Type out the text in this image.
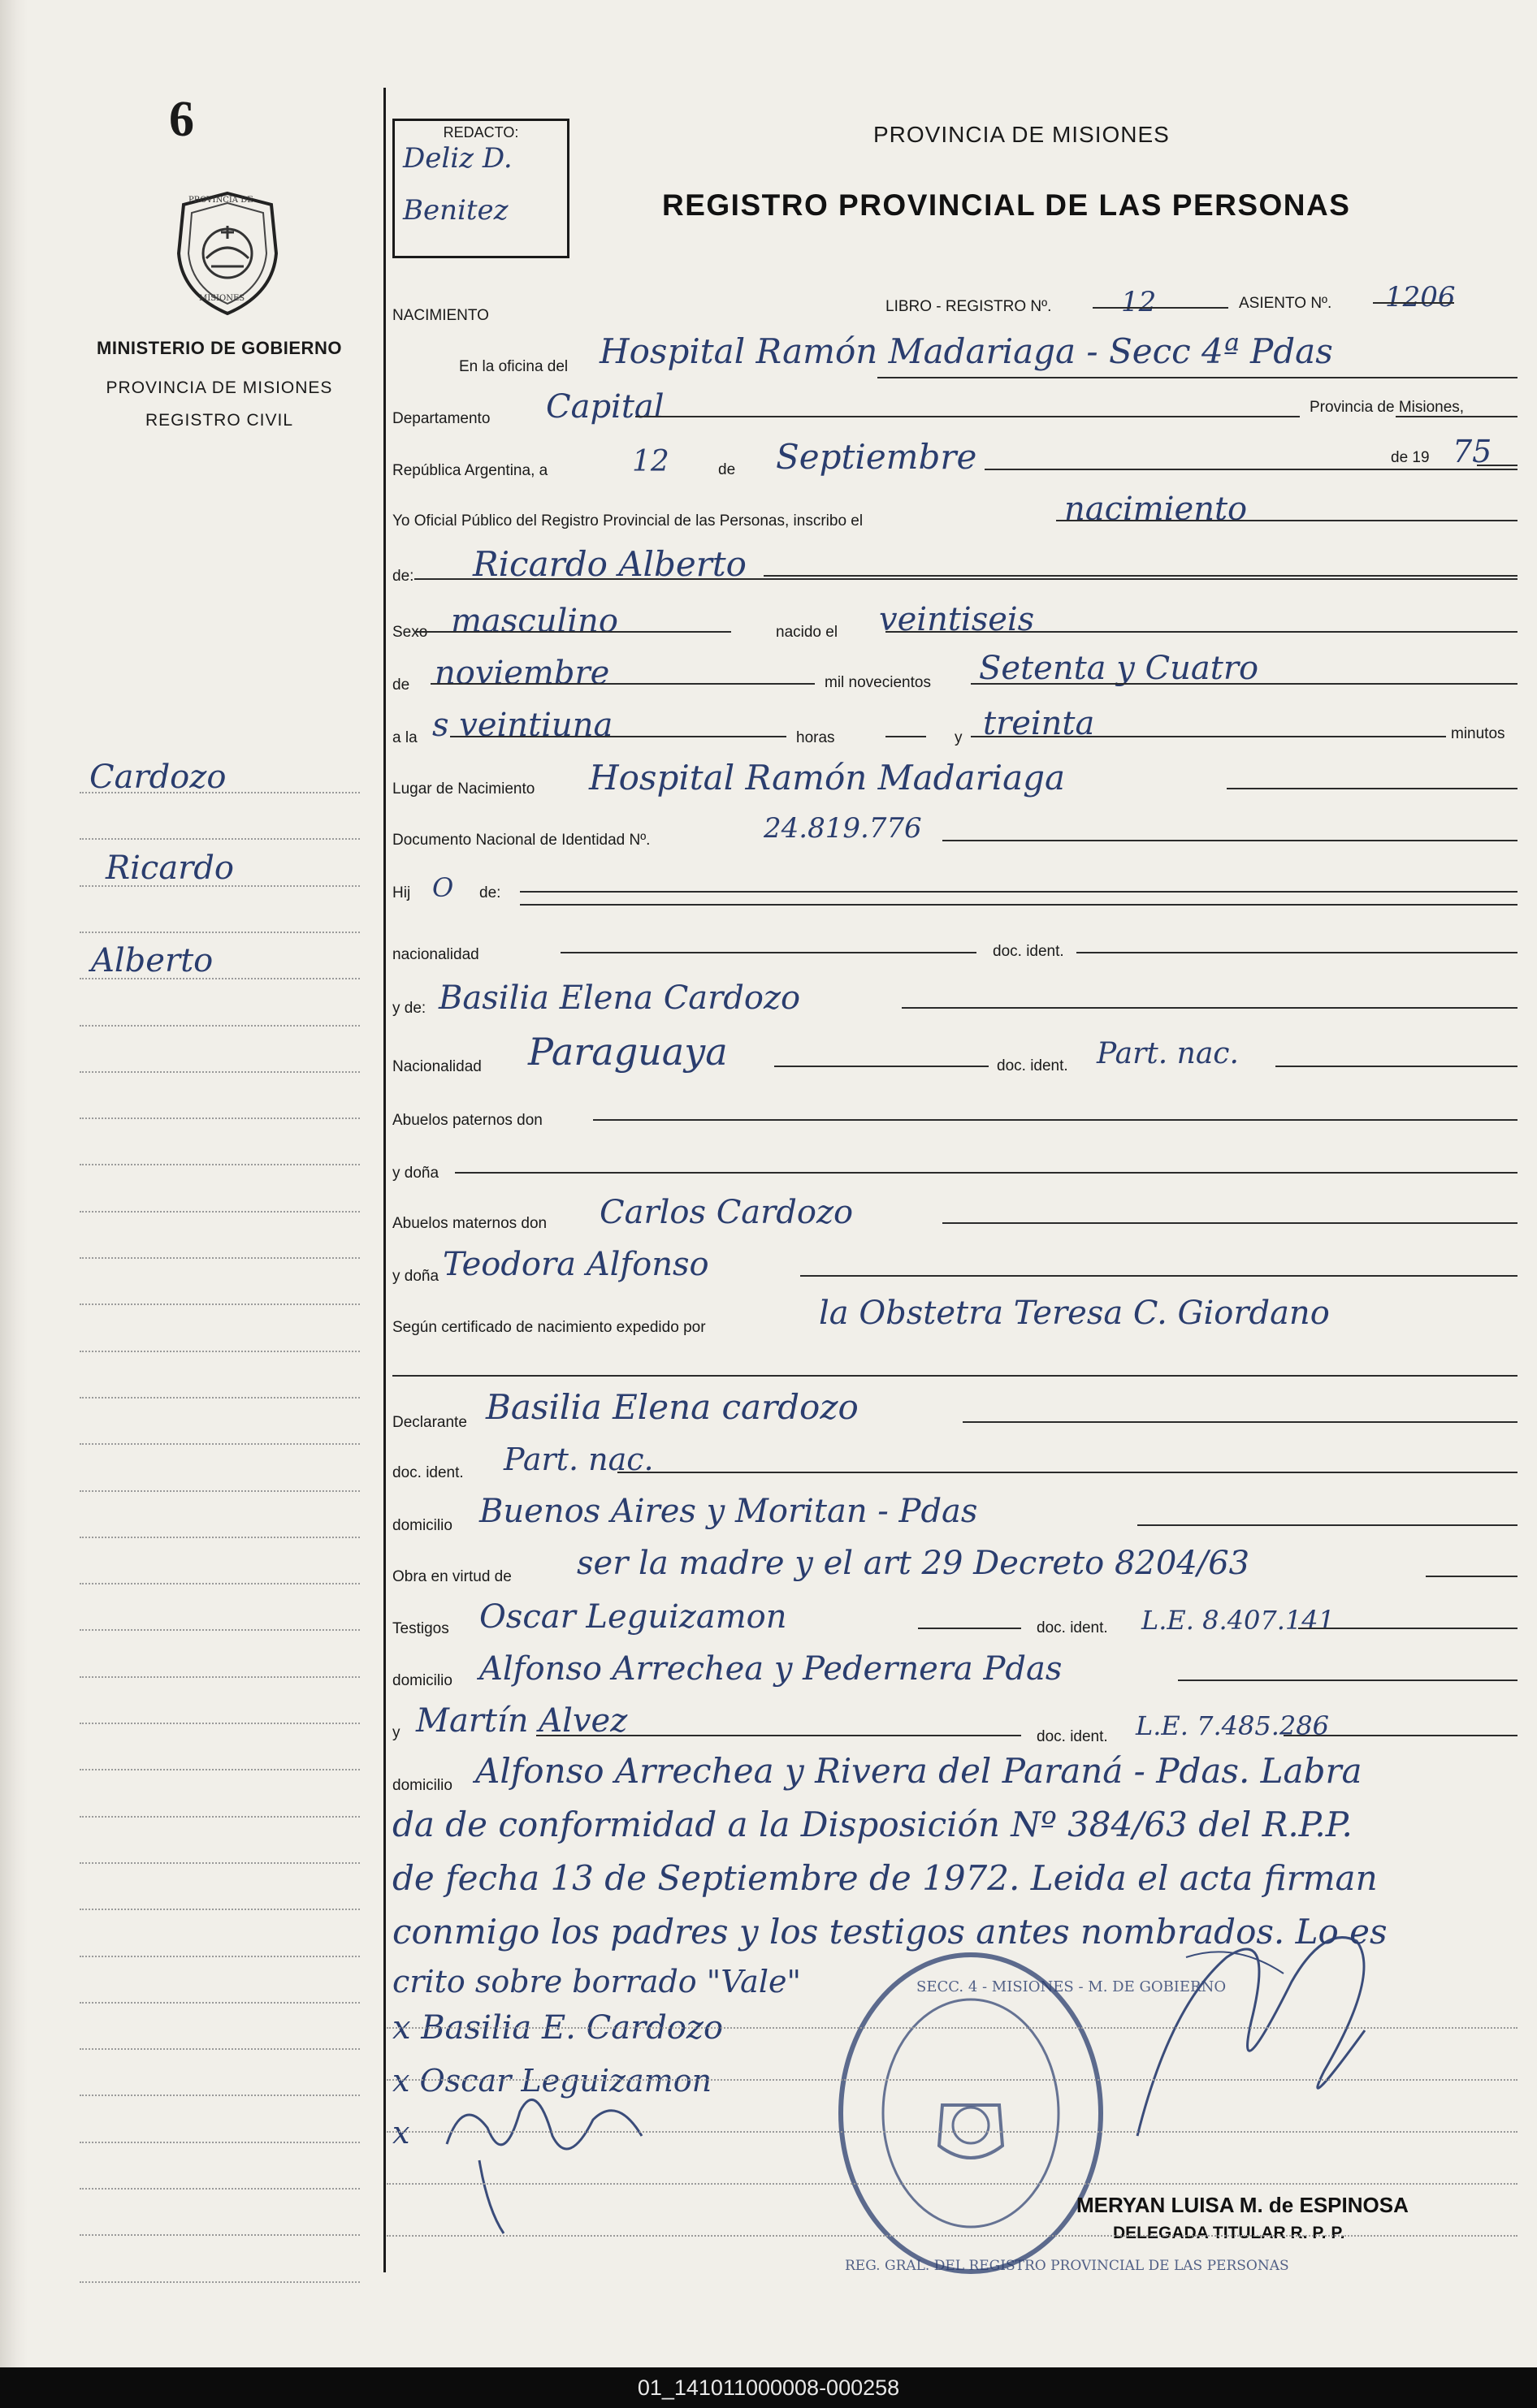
6
PROVINCIA DE
MISIONES
MINISTERIO DE GOBIERNO
PROVINCIA DE MISIONES
REGISTRO CIVIL
Cardozo
Ricardo
Alberto
REDACTO:
Deliz D.
Benitez
PROVINCIA DE MISIONES
REGISTRO PROVINCIAL DE LAS PERSONAS
SECC. 4 - MISIONES - M. DE GOBIERNO
REG. GRAL. DEL REGISTRO PROVINCIAL DE LAS PERSONAS
MERYAN LUISA M. de ESPINOSA
DELEGADA TITULAR R. P. P.
NACIMIENTO
LIBRO - REGISTRO Nº.	12	ASIENTO Nº. 1206
En la oficina del Hospital Ramón Madariaga - Secc 4ª Pdas
Departamento Capital	Provincia de Misiones,
República Argentina, a	12	de Septiembre	de 19 75
Yo Oficial Público del Registro Provincial de las Personas, inscribo el	nacimiento
de: Ricardo Alberto
Sexo masculino	nacido el veintiseis
de noviembre	mil novecientos Setenta y Cuatro
a la s veintiuna	horas	y treinta	minutos
Lugar de Nacimiento Hospital Ramón Madariaga
Documento Nacional de Identidad Nº.	24.819.776
Hij O de:
nacionalidad	doc. ident.
y de: Basilia Elena Cardozo
Nacionalidad Paraguaya	doc. ident. Part. nac.
Abuelos paternos don
y doña
Abuelos maternos don Carlos Cardozo
y doña Teodora Alfonso
Según certificado de nacimiento expedido por	la Obstetra Teresa C. Giordano
Declarante Basilia Elena cardozo
doc. ident. Part. nac.
domicilio Buenos Aires y Moritan - Pdas
Obra en virtud de ser la madre y el art 29 Decreto 8204/63
Testigos Oscar Leguizamon	doc. ident. L.E. 8.407.141
domicilio Alfonso Arrechea y Pedernera Pdas
y Martín Alvez	doc. ident. L.E. 7.485.286
domicilio Alfonso Arrechea y Rivera del Paraná - Pdas. Labra
da de conformidad a la Disposición Nº 384/63 del R.P.P.
de fecha 13 de Septiembre de 1972. Leida el acta firman
conmigo los padres y los testigos antes nombrados. Lo es
crito sobre borrado "Vale"
x Basilia E. Cardozo
x Oscar Leguizamon
x
01_141011000008-000258
